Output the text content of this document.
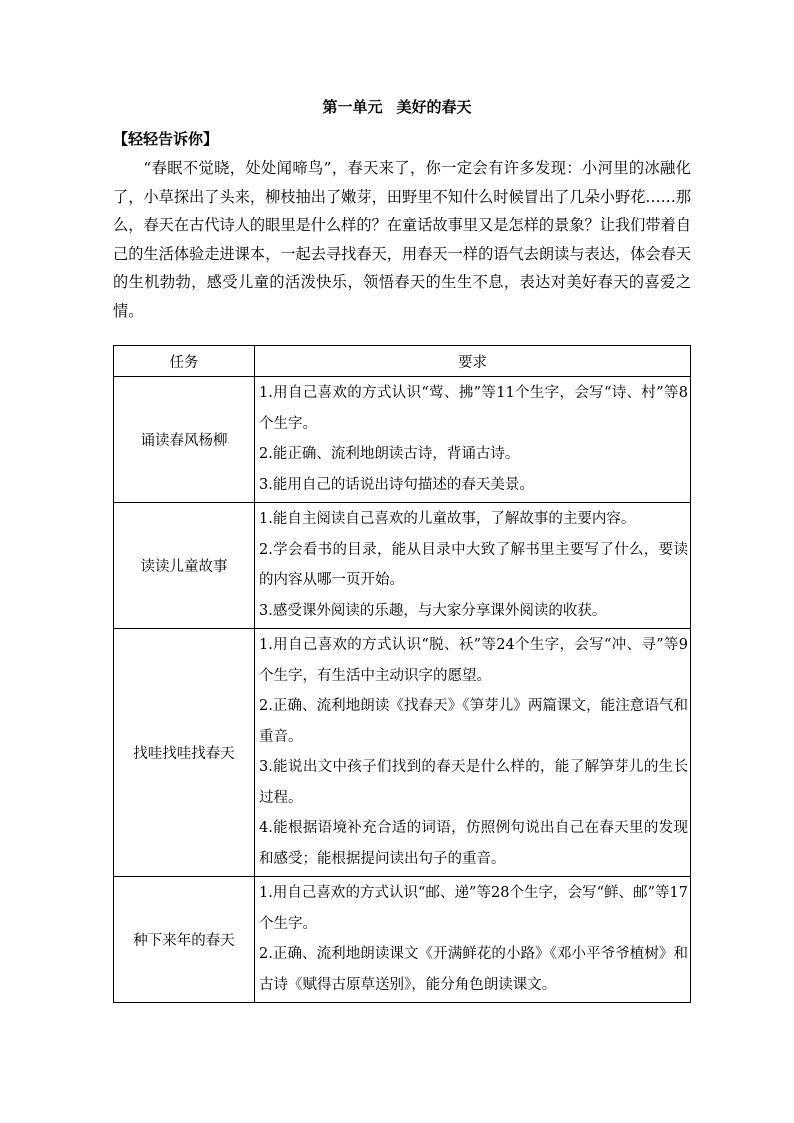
第一单元 美好的春天
【轻轻告诉你】

“春眠不觉晓，处处闻啼鸟”，春天来了，你一定会有许多发现：小河里的冰融化了，小草探出了头来，柳枝抽出了嫩芽，田野里不知什么时候冒出了几朵小野花……那么，春天在古代诗人的眼里是什么样的？在童话故事里又是怎样的景象？让我们带着自己的生活体验走进课本，一起去寻找春天，用春天一样的语气去朗读与表达，体会春天的生机勃勃，感受儿童的活泼快乐，领悟春天的生生不息，表达对美好春天的喜爱之情。

任务	要求
诵读春风杨柳	1.用自己喜欢的方式认识“莺、拂”等11个生字，会写“诗、村”等8个生字。
2.能正确、流利地朗读古诗，背诵古诗。
3.能用自己的话说出诗句描述的春天美景。

读读儿童故事	1.能自主阅读自己喜欢的儿童故事，了解故事的主要内容。
2.学会看书的目录，能从目录中大致了解书里主要写了什么，要读的内容从哪一页开始。
3.感受课外阅读的乐趣，与大家分享课外阅读的收获。

找哇找哇找春天	1.用自己喜欢的方式认识“脱、袄”等24个生字，会写“冲、寻”等9个生字，有生活中主动识字的愿望。
2.正确、流利地朗读《找春天》《笋芽儿》两篇课文，能注意语气和重音。
3.能说出文中孩子们找到的春天是什么样的，能了解笋芽儿的生长过程。
4.能根据语境补充合适的词语，仿照例句说出自己在春天里的发现和感受；能根据提问读出句子的重音。

种下来年的春天	1.用自己喜欢的方式认识“邮、递”等28个生字，会写“鲜、邮”等17个生字。
2.正确、流利地朗读课文《开满鲜花的小路》《邓小平爷爷植树》和古诗《赋得古原草送别》，能分角色朗读课文。
